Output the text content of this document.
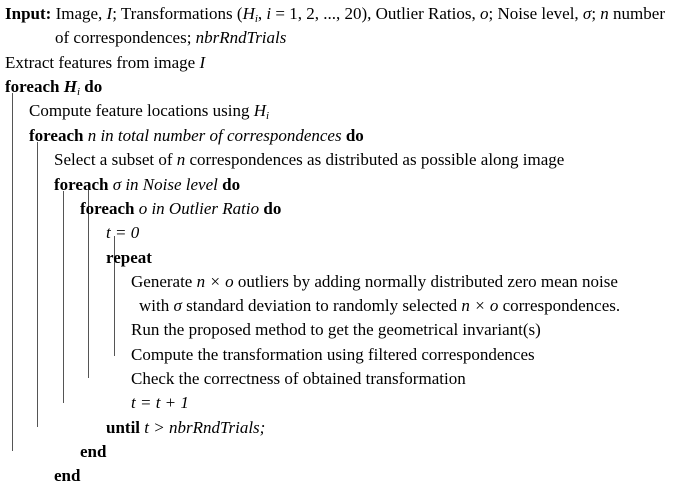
Input: Image, I; Transformations ($H_i$, i = 1, 2, ..., 20), Outlier Ratios, o; Noise level, σ; n number
of correspondences; nbrRndTrials
Extract features from image I
foreach $H_i$ do
Compute feature locations using $H_i$
foreach n in total number of correspondences do
Select a subset of n correspondences as distributed as possible along image
foreach σ in Noise level do
foreach o in Outlier Ratio do
t = 0
repeat
Generate n × o outliers by adding normally distributed zero mean noise
with σ standard deviation to randomly selected n × o correspondences.
Run the proposed method to get the geometrical invariant(s)
Compute the transformation using filtered correspondences
Check the correctness of obtained transformation
t = t + 1
until t > nbrRndTrials;
end
end
